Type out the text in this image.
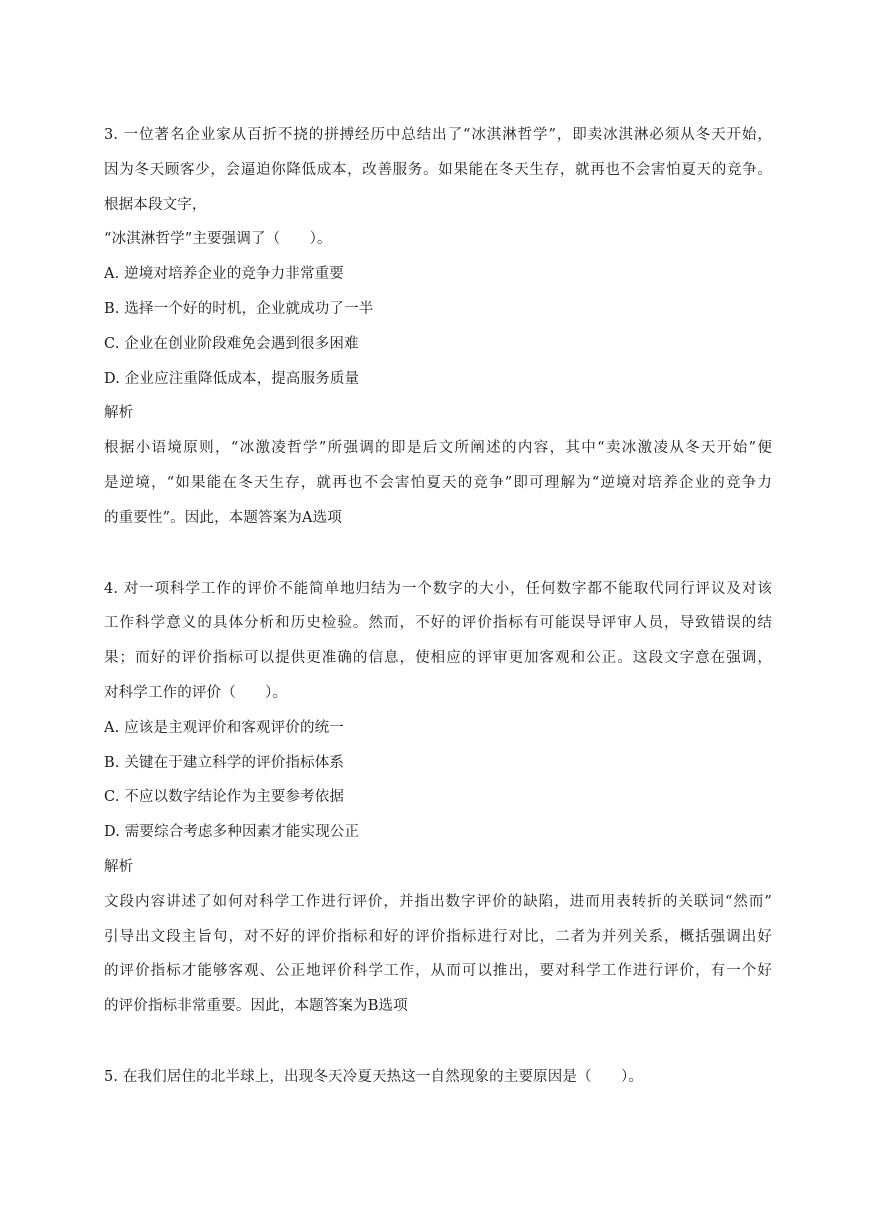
3. 一位著名企业家从百折不挠的拼搏经历中总结出了“冰淇淋哲学”，即卖冰淇淋必须从冬天开始，
因为冬天顾客少，会逼迫你降低成本，改善服务。如果能在冬天生存，就再也不会害怕夏天的竞争。
根据本段文字，
“冰淇淋哲学”主要强调了（　　）。
A. 逆境对培养企业的竞争力非常重要
B. 选择一个好的时机，企业就成功了一半
C. 企业在创业阶段难免会遇到很多困难
D. 企业应注重降低成本，提高服务质量
解析
根据小语境原则，“冰激凌哲学”所强调的即是后文所阐述的内容，其中“卖冰激凌从冬天开始”便
是逆境，“如果能在冬天生存，就再也不会害怕夏天的竞争”即可理解为“逆境对培养企业的竞争力
的重要性”。因此，本题答案为A选项
4. 对一项科学工作的评价不能简单地归结为一个数字的大小，任何数字都不能取代同行评议及对该
工作科学意义的具体分析和历史检验。然而，不好的评价指标有可能误导评审人员，导致错误的结
果；而好的评价指标可以提供更准确的信息，使相应的评审更加客观和公正。这段文字意在强调，
对科学工作的评价（　　）。
A. 应该是主观评价和客观评价的统一
B. 关键在于建立科学的评价指标体系
C. 不应以数字结论作为主要参考依据
D. 需要综合考虑多种因素才能实现公正
解析
文段内容讲述了如何对科学工作进行评价，并指出数字评价的缺陷，进而用表转折的关联词“然而”
引导出文段主旨句，对不好的评价指标和好的评价指标进行对比，二者为并列关系，概括强调出好
的评价指标才能够客观、公正地评价科学工作，从而可以推出，要对科学工作进行评价，有一个好
的评价指标非常重要。因此，本题答案为B选项
5. 在我们居住的北半球上，出现冬天冷夏天热这一自然现象的主要原因是（　　）。
